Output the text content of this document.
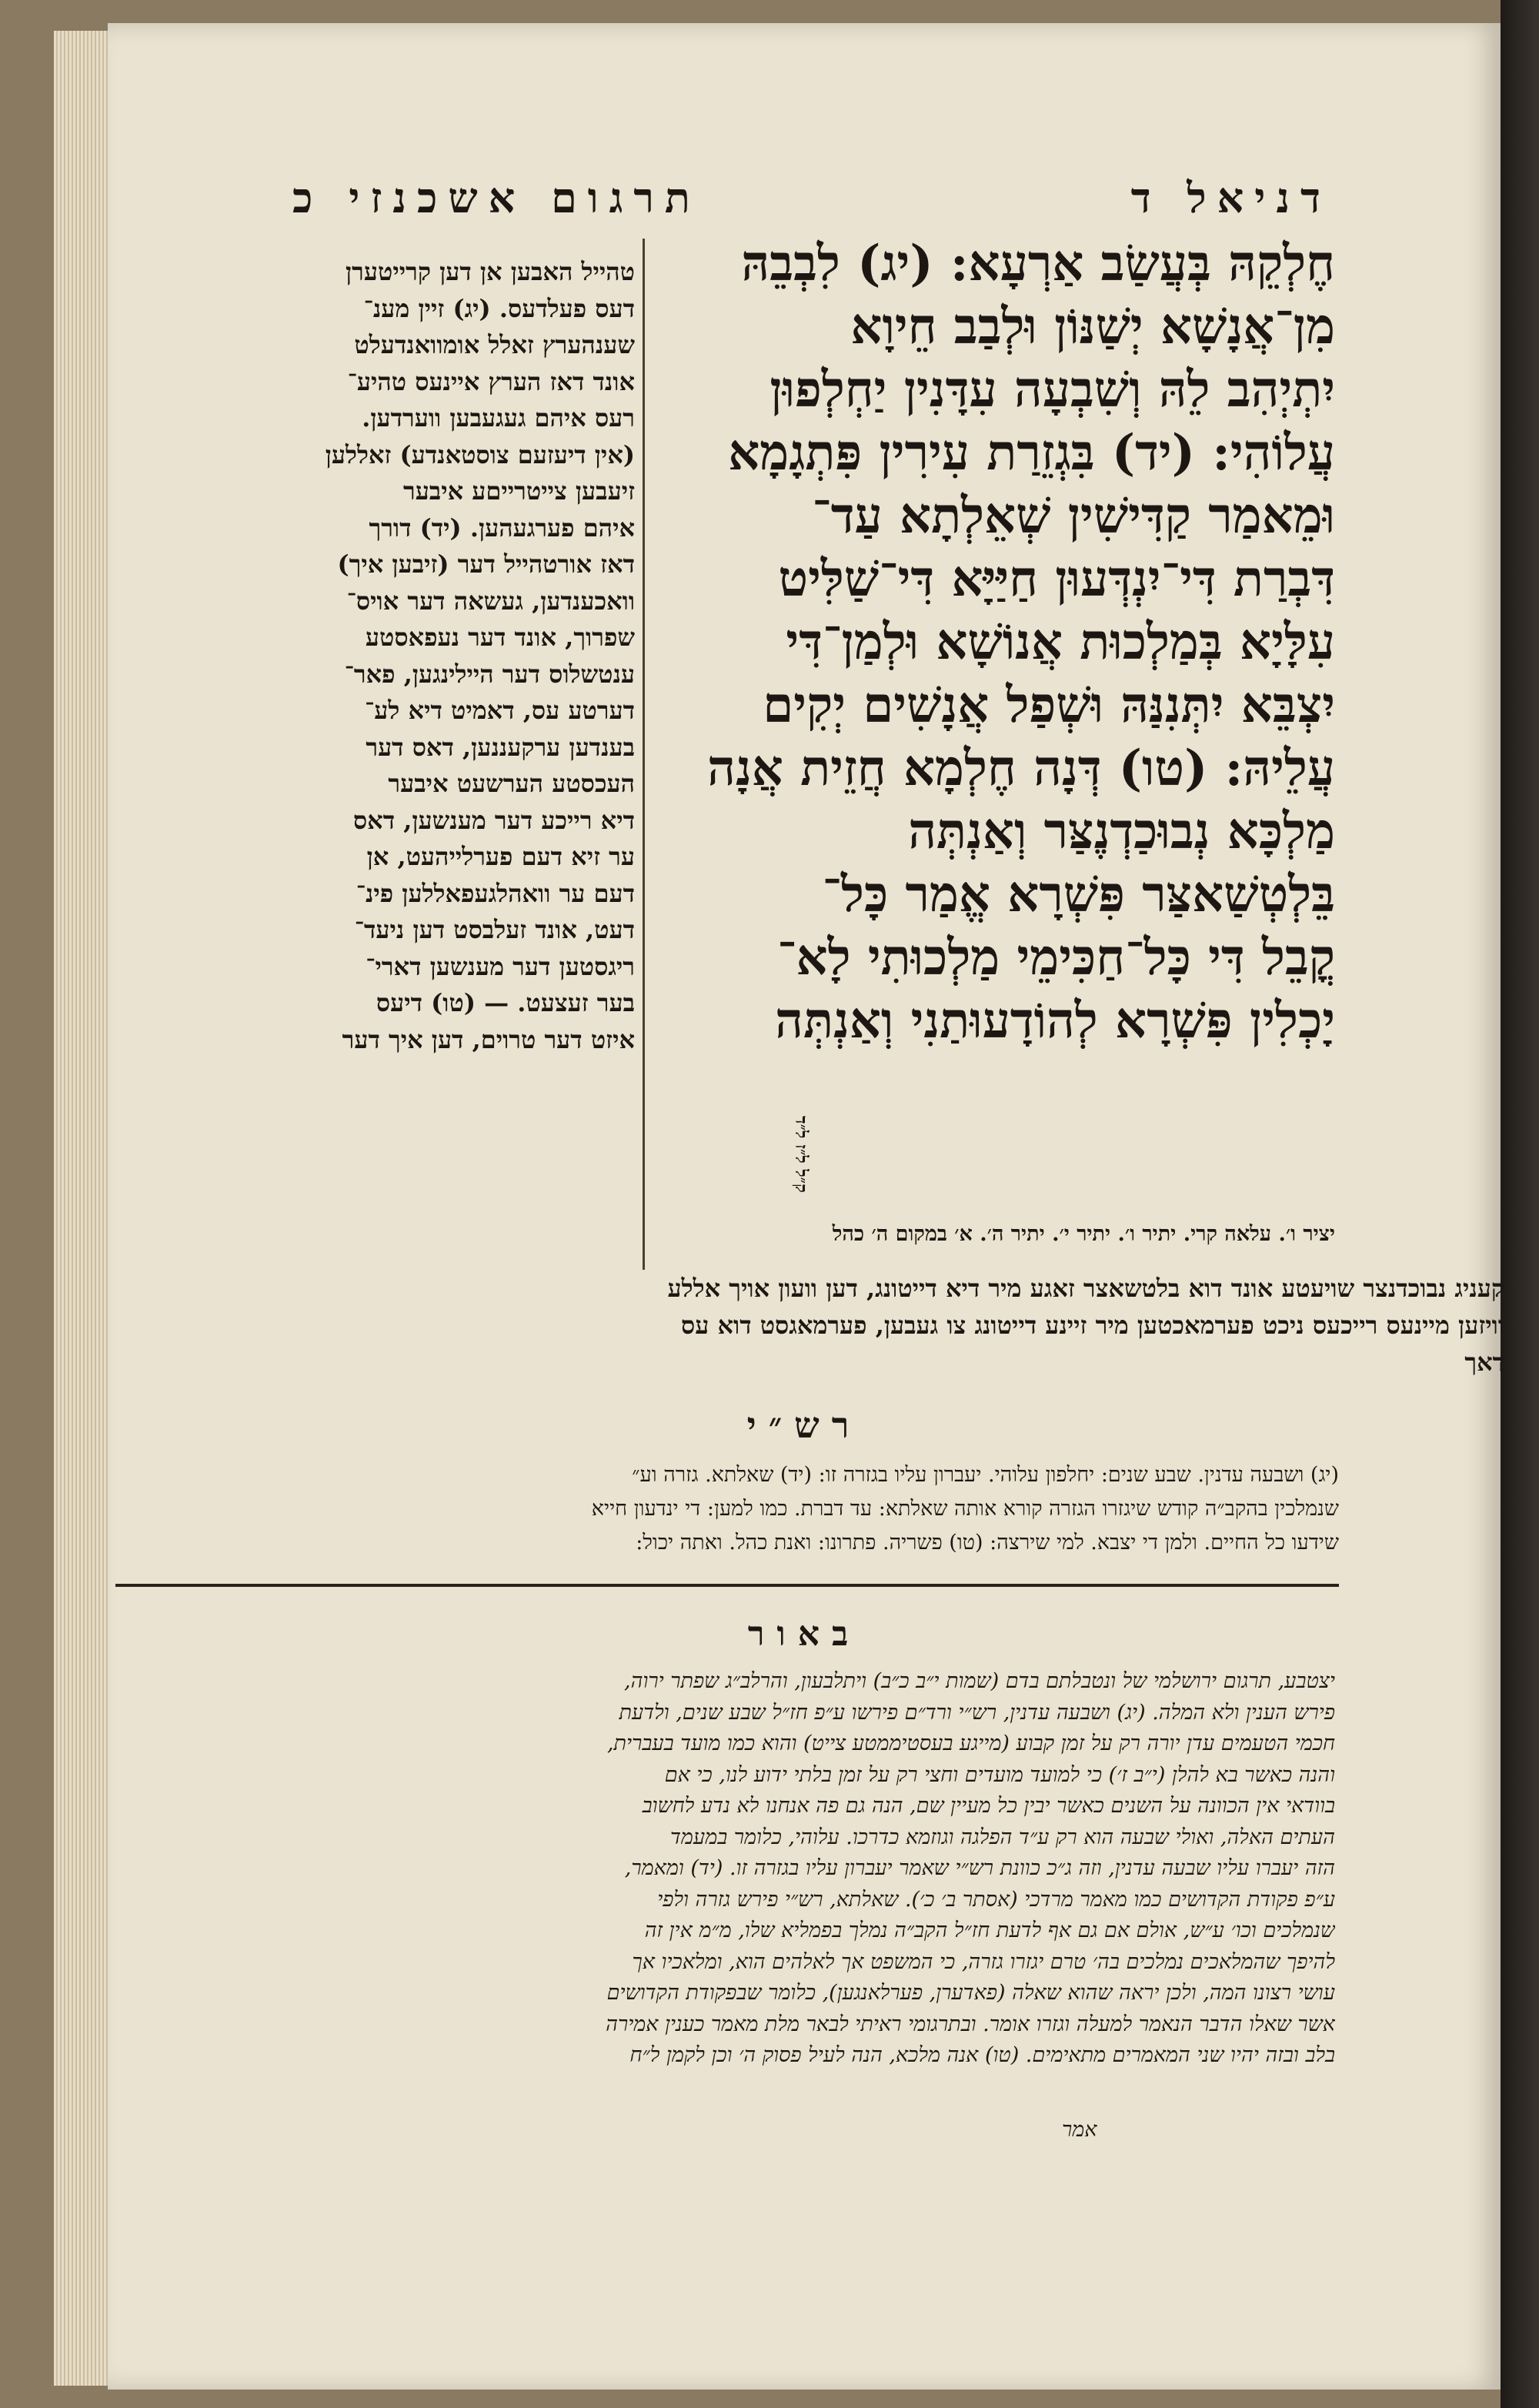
דניאל ד
תרגום אשכנזי כ
חֶלְקֵהּ בְּעֲשַׂב אַרְעָא: (יג) לִבְבֵהּ
מִן־אֲנָשָׁא יְשַׁנּוֹן וּלְבַב חֵיוָא
יִתְיְהִב לֵהּ וְשִׁבְעָה עִדָּנִין יַחְלְפוּן
עֲלוֹהִי: (יד) בִּגְזֵרַת עִירִין פִּתְגָמָא
וּמֵאמַר קַדִּישִׁין שְׁאֵלְתָא עַד־
דִּבְרַת דִּי־יִנְדְּעוּן חַיַּיָּא דִּי־שַׁלִּיט
עִלָּיָא בְּמַלְכוּת אֲנוֹשָׁא וּלְמַן־דִּי
יִצְבֵּא יִתְּנִנַּהּ וּשְׁפַל אֲנָשִׁים יְקִים
עֲלֵיהּ: (טו) דְּנָה חֶלְמָא חֲזֵית אֲנָה
מַלְכָּא נְבוּכַדְנֶצַּר וְאַנְתְּה
בֵּלְטְשַׁאצַּר פִּשְׁרָא אֱמַר כָּל־
קֳבֵל דִּי כָּל־חַכִּימֵי מַלְכוּתִי לָא־
יָכְלִין פִּשְׁרָא לְהוֹדָעוּתַנִי וְאַנְתְּה
ק״ל ל״ז ל״ד
יציר ו׳. עלאה קרי. יתיר ו׳. יתיר י׳. יתיר ה׳. א׳ במקום ה׳ כהל
טהייל האבען אן דען קרייטערן
דעס פעלדעס. (יג) זיין מענ־
שענהערץ זאלל אומוואנדעלט
אונד דאז הערץ איינעס טהיע־
רעס איהם געגעבען ווערדען.
(אין דיעזעם צוסטאנדע) זאללען
זיעבען צייטרייםע איבער
איהם פערגעהען. (יד) דורך
דאז אורטהייל דער (זיבען איך)
וואכענדען, געשאה דער אויס־
שפרוך, אונד דער נעפאסטע
ענטשלוס דער היילינגען, פאר־
דערטע עס, דאמיט דיא לע־
בענדען ערקעננען, דאס דער
העכסטע הערשעט איבער
דיא רייכע דער מענשען, דאס
ער זיא דעם פערלייהעט, אן
דעם ער וואהלגעפאללען פינ־
דעט, אונד זעלבסט דען ניעד־
ריגסטען דער מענשען דארי־
בער זעצעט. — (טו) דיעס
איזט דער טרוים, דען איך דער
קעניג נבוכדנצר שויעטע אונד דוא בלטשאצר זאגע מיר דיא דייטונג, דען וועון אויך אללע
וויזען מיינעס רייכעס ניכט פערמאכטען מיר זיינע דייטונג צו געבען, פערמאגסט דוא עס
דאך
רש״י
(יג) ושבעה עדנין. שבע שנים: יחלפון עלוהי. יעברון עליו בגזרה זו: (יד) שאלתא. גזרה וע״
שנמלכין בהקב״ה קודש שיגזרו הגזרה קורא אותה שאלתא: עד דברת. כמו למען: די ינדעון חייא
שידעו כל החיים. ולמן די יצבא. למי שירצה: (טו) פשריה. פתרונו: ואנת כהל. ואתה יכול:
באור
יצטבע, תרגום ירושלמי של ונטבלתם בדם (שמות י״ב כ״ב) ויתלבעון, והרלב״ג שפתר ירוה,
פירש הענין ולא המלה. (יג) ושבעה עדנין, רש״י ורד״ם פירשו ע״פ חז״ל שבע שנים, ולדעת
חכמי הטעמים עדן יורה רק על זמן קבוע (מייגע בעסטיממטע צייט) והוא כמו מועד בעברית,
והנה כאשר בא להלן (י״ב ז׳) כי למועד מועדים וחצי רק על זמן בלתי ידוע לנו, כי אם
בוודאי אין הכוונה על השנים כאשר יבין כל מעיין שם, הנה גם פה אנחנו לא נדע לחשוב
העתים האלה, ואולי שבעה הוא רק ע״ד הפלגה וגוזמא כדרכו. עלוהי, כלומר במעמד
הזה יעברו עליו שבעה עדנין, וזה ג״כ כוונת רש״י שאמר יעברון עליו בגזרה זו. (יד) ומאמר,
ע״פ פקודת הקדושים כמו מאמר מרדכי (אסתר ב׳ כ׳). שאלתא, רש״י פירש גזרה ולפי
שנמלכים וכו׳ ע״ש, אולם אם גם אף לדעת חז״ל הקב״ה נמלך בפמליא שלו, מ״מ אין זה
להיפך שהמלאכים נמלכים בה׳ טרם יגזרו גזרה, כי המשפט אך לאלהים הוא, ומלאכיו אך
עושי רצונו המה, ולכן יראה שהוא שאלה (פאדערן, פערלאנגען), כלומר שבפקודת הקדושים
אשר שאלו הדבר הנאמר למעלה וגזרו אומר. ובתרגומי ראיתי לבאר מלת מאמר כענין אמירה
בלב ובזה יהיו שני המאמרים מתאימים. (טו) אנה מלכא, הנה לעיל פסוק ה׳ וכן לקמן ל״ח
אמר
